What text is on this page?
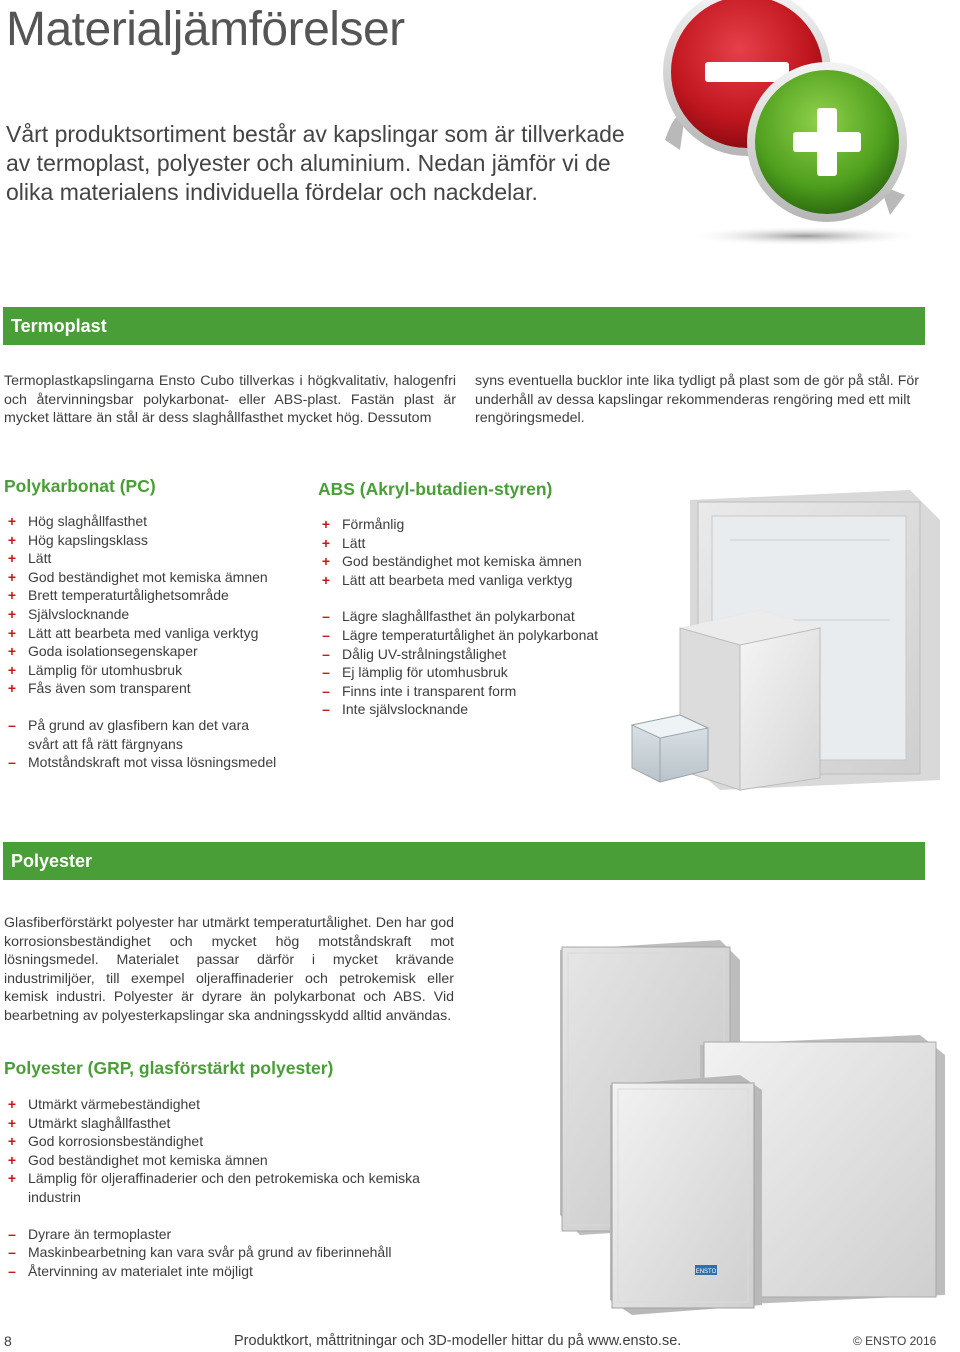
Materialjämförelser

Vårt produktsortiment består av kapslingar som är tillverkade av termoplast, polyester och aluminium. Nedan jämför vi de olika materialens individuella fördelar och nackdelar.

Termoplast

Termoplastkapslingarna Ensto Cubo tillverkas i högkvalitativ, halogenfri och återvinningsbar polykarbonat- eller ABS-plast. Fastän plast är mycket lättare än stål är dess slaghållfasthet mycket hög. Dessutom

syns eventuella bucklor inte lika tydligt på plast som de gör på stål. För underhåll av dessa kapslingar rekommenderas rengöring med ett milt rengöringsmedel.

Polykarbonat (PC)
+ Hög slaghållfasthet
+ Hög kapslingsklass
+ Lätt
+ God beständighet mot kemiska ämnen
+ Brett temperaturtålighetsområde
+ Självslocknande
+ Lätt att bearbeta med vanliga verktyg
+ Goda isolationsegenskaper
+ Lämplig för utomhusbruk
+ Fås även som transparent
– På grund av glasfibern kan det vara svårt att få rätt färgnyans
– Motståndskraft mot vissa lösningsmedel
ABS (Akryl-butadien-styren)
+ Förmånlig
+ Lätt
+ God beständighet mot kemiska ämnen
+ Lätt att bearbeta med vanliga verktyg
– Lägre slaghållfasthet än polykarbonat
– Lägre temperaturtålighet än polykarbonat
– Dålig UV-strålningstålighet
– Ej lämplig för utomhusbruk
– Finns inte i transparent form
– Inte självslocknande
Polyester

Glasfiberförstärkt polyester har utmärkt temperaturtålighet. Den har god korrosionsbeständighet och mycket hög motståndskraft mot lösningsmedel. Materialet passar därför i mycket krävande industrimiljöer, till exempel oljeraffinaderier och petrokemisk eller kemisk industri. Polyester är dyrare än polykarbonat och ABS. Vid bearbetning av polyesterkapslingar ska andningsskydd alltid användas.

Polyester (GRP, glasförstärkt polyester)
+ Utmärkt värmebeständighet
+ Utmärkt slaghållfasthet
+ God korrosionsbeständighet
+ God beständighet mot kemiska ämnen
+ Lämplig för oljeraffinaderier och den petrokemiska och kemiska industrin
– Dyrare än termoplaster
– Maskinbearbetning kan vara svår på grund av fiberinnehåll
– Återvinning av materialet inte möjligt	ENSTO
8	Produktkort, måttritningar och 3D-modeller hittar du på www.ensto.se.	© ENSTO 2016
